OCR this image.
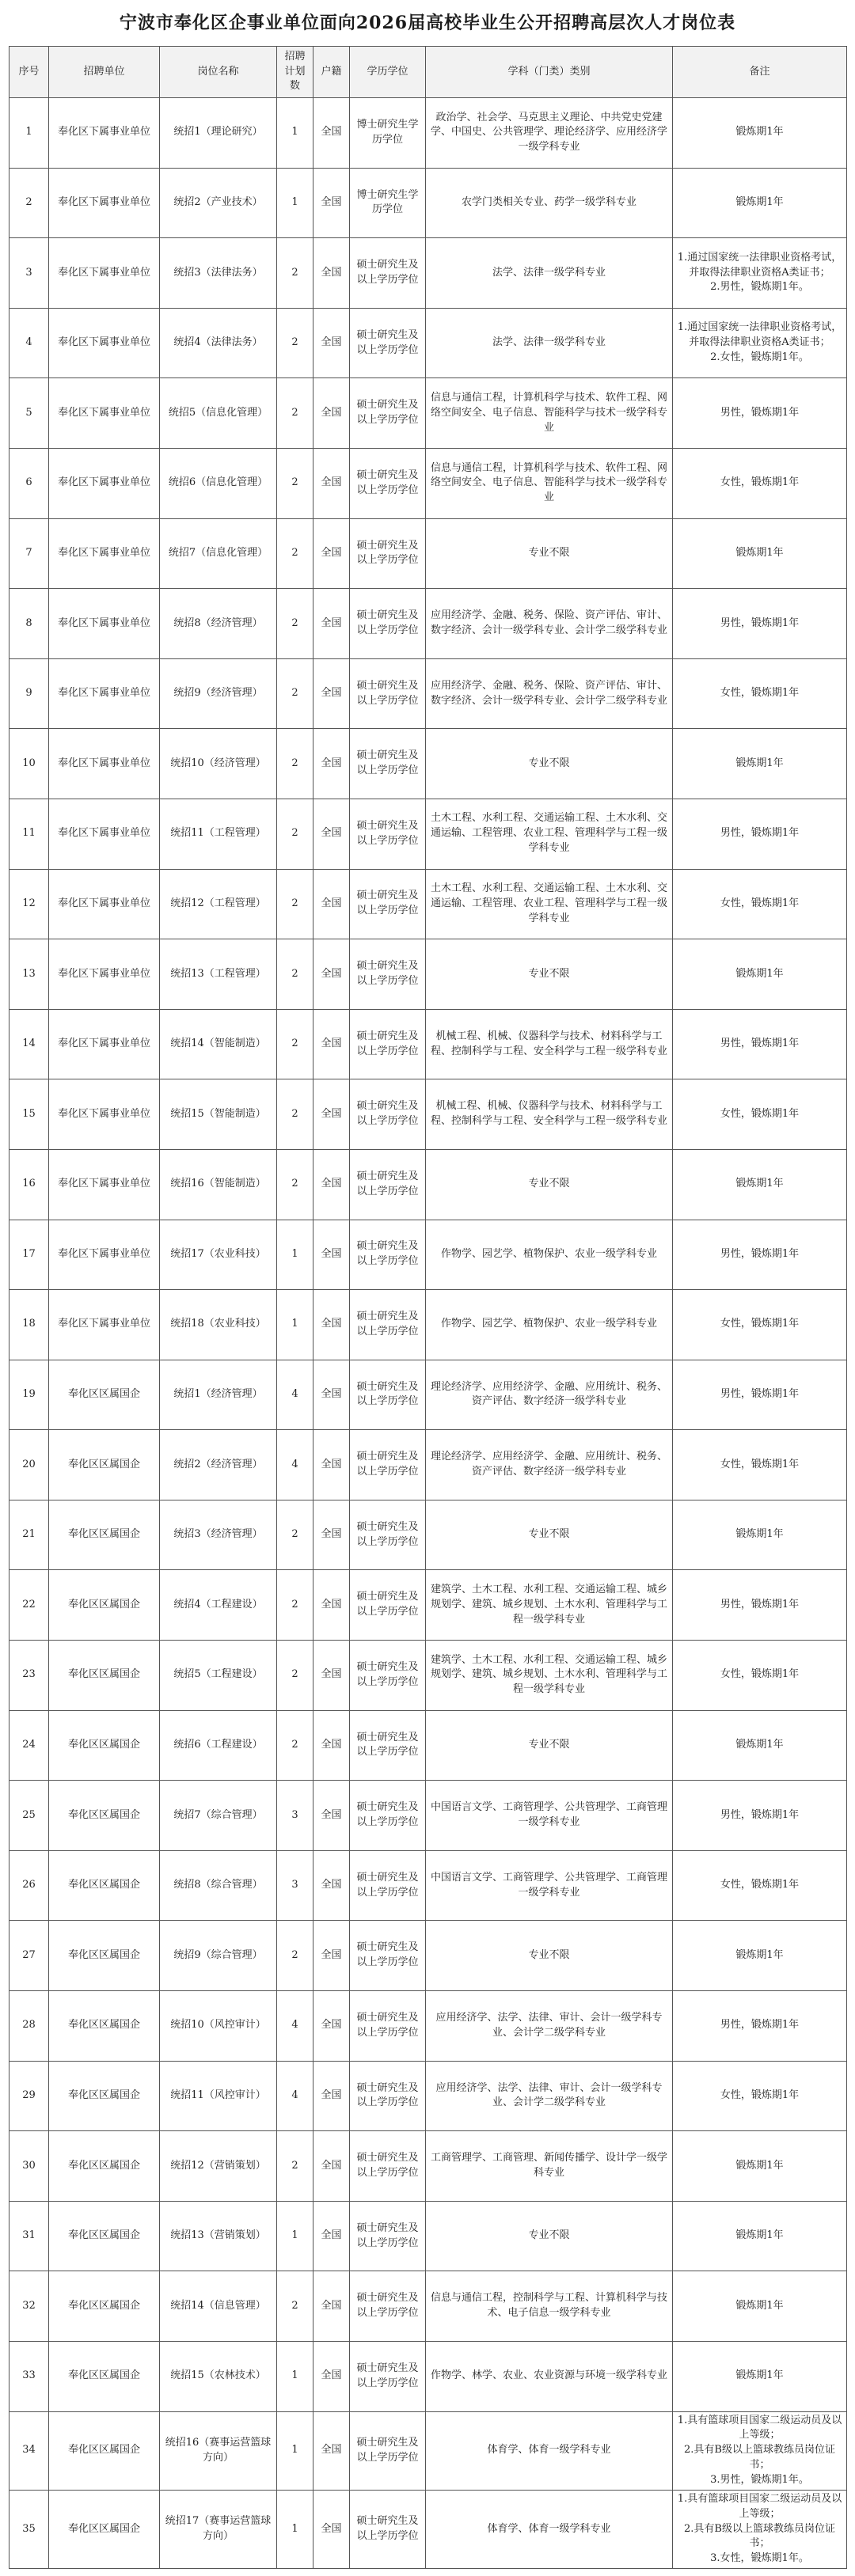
宁波市奉化区企事业单位面向2026届高校毕业生公开招聘高层次人才岗位表
序号	招聘单位	岗位名称	招聘计划数	户籍	学历学位	学科（门类）类别	备注
1	奉化区下属事业单位	统招1（理论研究）	1	全国	博士研究生学历学位	政治学、社会学、马克思主义理论、中共党史党建学、中国史、公共管理学、理论经济学、应用经济学一级学科专业	锻炼期1年
2	奉化区下属事业单位	统招2（产业技术）	1	全国	博士研究生学历学位	农学门类相关专业、药学一级学科专业	锻炼期1年
3	奉化区下属事业单位	统招3（法律法务）	2	全国	硕士研究生及以上学历学位	法学、法律一级学科专业	1.通过国家统一法律职业资格考试，并取得法律职业资格A类证书；
2.男性，锻炼期1年。
4	奉化区下属事业单位	统招4（法律法务）	2	全国	硕士研究生及以上学历学位	法学、法律一级学科专业	1.通过国家统一法律职业资格考试，并取得法律职业资格A类证书；
2.女性，锻炼期1年。
5	奉化区下属事业单位	统招5（信息化管理）	2	全国	硕士研究生及以上学历学位	信息与通信工程，计算机科学与技术、软件工程、网络空间安全、电子信息、智能科学与技术一级学科专业	男性，锻炼期1年
6	奉化区下属事业单位	统招6（信息化管理）	2	全国	硕士研究生及以上学历学位	信息与通信工程，计算机科学与技术、软件工程、网络空间安全、电子信息、智能科学与技术一级学科专业	女性，锻炼期1年
7	奉化区下属事业单位	统招7（信息化管理）	2	全国	硕士研究生及以上学历学位	专业不限	锻炼期1年
8	奉化区下属事业单位	统招8（经济管理）	2	全国	硕士研究生及以上学历学位	应用经济学、金融、税务、保险、资产评估、审计、数字经济、会计一级学科专业、会计学二级学科专业	男性，锻炼期1年
9	奉化区下属事业单位	统招9（经济管理）	2	全国	硕士研究生及以上学历学位	应用经济学、金融、税务、保险、资产评估、审计、数字经济、会计一级学科专业、会计学二级学科专业	女性，锻炼期1年
10	奉化区下属事业单位	统招10（经济管理）	2	全国	硕士研究生及以上学历学位	专业不限	锻炼期1年
11	奉化区下属事业单位	统招11（工程管理）	2	全国	硕士研究生及以上学历学位	土木工程、水利工程、交通运输工程、土木水利、交通运输、工程管理、农业工程、管理科学与工程一级学科专业	男性，锻炼期1年
12	奉化区下属事业单位	统招12（工程管理）	2	全国	硕士研究生及以上学历学位	土木工程、水利工程、交通运输工程、土木水利、交通运输、工程管理、农业工程、管理科学与工程一级学科专业	女性，锻炼期1年
13	奉化区下属事业单位	统招13（工程管理）	2	全国	硕士研究生及以上学历学位	专业不限	锻炼期1年
14	奉化区下属事业单位	统招14（智能制造）	2	全国	硕士研究生及以上学历学位	机械工程、机械、仪器科学与技术、材料科学与工程、控制科学与工程、安全科学与工程一级学科专业	男性，锻炼期1年
15	奉化区下属事业单位	统招15（智能制造）	2	全国	硕士研究生及以上学历学位	机械工程、机械、仪器科学与技术、材料科学与工程、控制科学与工程、安全科学与工程一级学科专业	女性，锻炼期1年
16	奉化区下属事业单位	统招16（智能制造）	2	全国	硕士研究生及以上学历学位	专业不限	锻炼期1年
17	奉化区下属事业单位	统招17（农业科技）	1	全国	硕士研究生及以上学历学位	作物学、园艺学、植物保护、农业一级学科专业	男性，锻炼期1年
18	奉化区下属事业单位	统招18（农业科技）	1	全国	硕士研究生及以上学历学位	作物学、园艺学、植物保护、农业一级学科专业	女性，锻炼期1年
19	奉化区区属国企	统招1（经济管理）	4	全国	硕士研究生及以上学历学位	理论经济学、应用经济学、金融、应用统计、税务、资产评估、数字经济一级学科专业	男性，锻炼期1年
20	奉化区区属国企	统招2（经济管理）	4	全国	硕士研究生及以上学历学位	理论经济学、应用经济学、金融、应用统计、税务、资产评估、数字经济一级学科专业	女性，锻炼期1年
21	奉化区区属国企	统招3（经济管理）	2	全国	硕士研究生及以上学历学位	专业不限	锻炼期1年
22	奉化区区属国企	统招4（工程建设）	2	全国	硕士研究生及以上学历学位	建筑学、土木工程、水利工程、交通运输工程、城乡规划学、建筑、城乡规划、土木水利、管理科学与工程一级学科专业	男性，锻炼期1年
23	奉化区区属国企	统招5（工程建设）	2	全国	硕士研究生及以上学历学位	建筑学、土木工程、水利工程、交通运输工程、城乡规划学、建筑、城乡规划、土木水利、管理科学与工程一级学科专业	女性，锻炼期1年
24	奉化区区属国企	统招6（工程建设）	2	全国	硕士研究生及以上学历学位	专业不限	锻炼期1年
25	奉化区区属国企	统招7（综合管理）	3	全国	硕士研究生及以上学历学位	中国语言文学、工商管理学、公共管理学、工商管理一级学科专业	男性，锻炼期1年
26	奉化区区属国企	统招8（综合管理）	3	全国	硕士研究生及以上学历学位	中国语言文学、工商管理学、公共管理学、工商管理一级学科专业	女性，锻炼期1年
27	奉化区区属国企	统招9（综合管理）	2	全国	硕士研究生及以上学历学位	专业不限	锻炼期1年
28	奉化区区属国企	统招10（风控审计）	4	全国	硕士研究生及以上学历学位	应用经济学、法学、法律、审计、会计一级学科专业、会计学二级学科专业	男性，锻炼期1年
29	奉化区区属国企	统招11（风控审计）	4	全国	硕士研究生及以上学历学位	应用经济学、法学、法律、审计、会计一级学科专业、会计学二级学科专业	女性，锻炼期1年
30	奉化区区属国企	统招12（营销策划）	2	全国	硕士研究生及以上学历学位	工商管理学、工商管理、新闻传播学、设计学一级学科专业	锻炼期1年
31	奉化区区属国企	统招13（营销策划）	1	全国	硕士研究生及以上学历学位	专业不限	锻炼期1年
32	奉化区区属国企	统招14（信息管理）	2	全国	硕士研究生及以上学历学位	信息与通信工程，控制科学与工程、计算机科学与技术、电子信息一级学科专业	锻炼期1年
33	奉化区区属国企	统招15（农林技术）	1	全国	硕士研究生及以上学历学位	作物学、林学、农业、农业资源与环境一级学科专业	锻炼期1年
34	奉化区区属国企	统招16（赛事运营篮球方向）	1	全国	硕士研究生及以上学历学位	体育学、体育一级学科专业	1.具有篮球项目国家二级运动员及以上等级；
2.具有B级以上篮球教练员岗位证书；
3.男性，锻炼期1年。
35	奉化区区属国企	统招17（赛事运营篮球方向）	1	全国	硕士研究生及以上学历学位	体育学、体育一级学科专业	1.具有篮球项目国家二级运动员及以上等级；
2.具有B级以上篮球教练员岗位证书；
3.女性，锻炼期1年。
